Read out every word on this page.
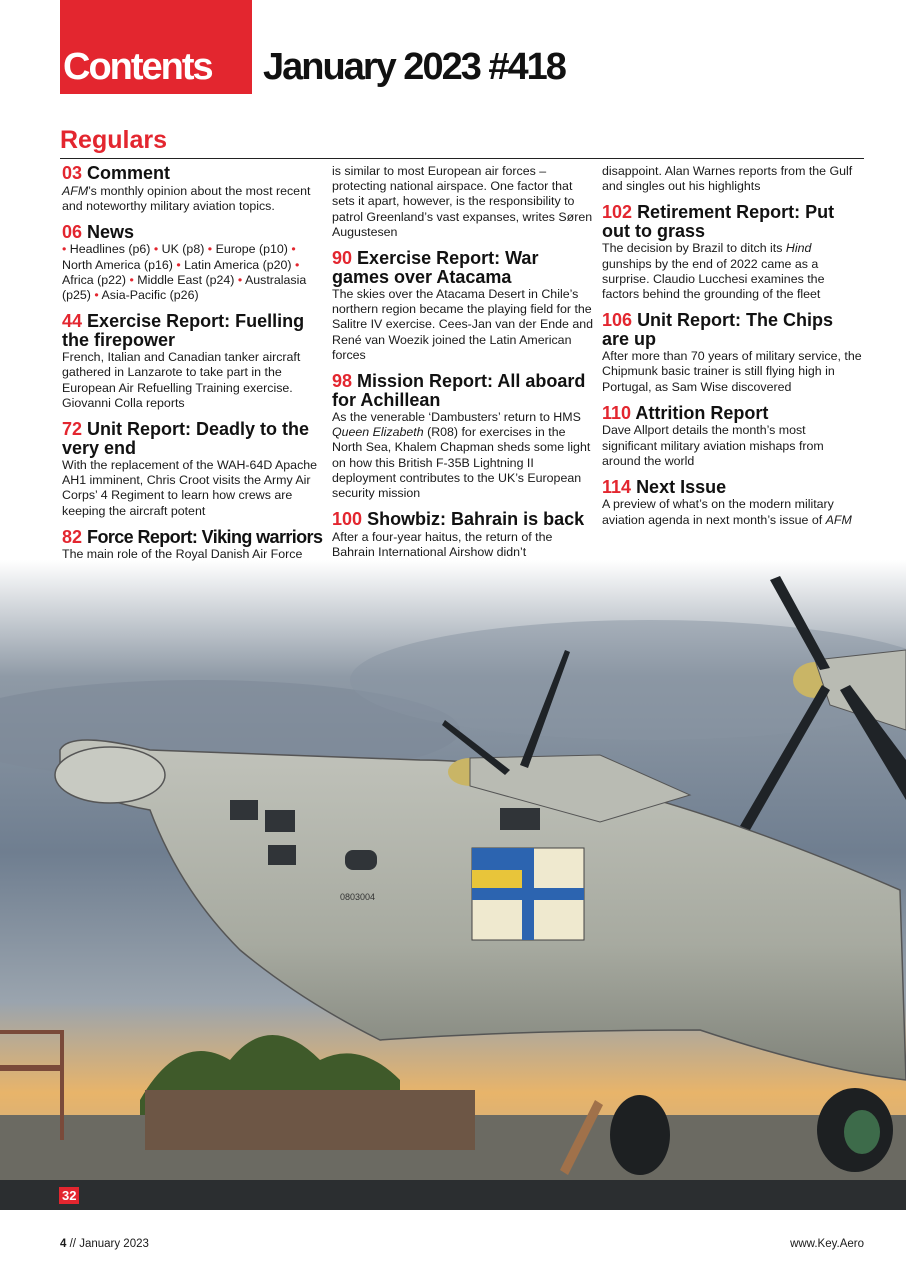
Contents January 2023 #418
0803004
Regulars
03 Comment

AFM’s monthly opinion about the most recent and noteworthy military aviation topics.

06 News

• Headlines (p6) • UK (p8) • Europe (p10) • North America (p16) • Latin America (p20) • Africa (p22) • Middle East (p24) • Australasia (p25) • Asia-Pacific (p26)

44 Exercise Report: Fuelling the firepower

French, Italian and Canadian tanker aircraft gathered in Lanzarote to take part in the European Air Refuelling Training exercise. Giovanni Colla reports

72 Unit Report: Deadly to the very end

With the replacement of the WAH-64D Apache AH1 imminent, Chris Croot visits the Army Air Corps’ 4 Regiment to learn how crews are keeping the aircraft potent

82 Force Report: Viking warriors

The main role of the Royal Danish Air Force

is similar to most European air forces – protecting national airspace. One factor that sets it apart, however, is the responsibility to patrol Greenland’s vast expanses, writes Søren Augustesen

90 Exercise Report: War games over Atacama

The skies over the Atacama Desert in Chile’s northern region became the playing field for the Salitre IV exercise. Cees-Jan van der Ende and René van Woezik joined the Latin American forces

98 Mission Report: All aboard for Achillean

As the venerable ‘Dambusters’ return to HMS Queen Elizabeth (R08) for exercises in the North Sea, Khalem Chapman sheds some light on how this British F-35B Lightning II deployment contributes to the UK’s European security mission

100 Showbiz: Bahrain is back

After a four-year haitus, the return of the Bahrain International Airshow didn’t

disappoint. Alan Warnes reports from the Gulf and singles out his highlights

102 Retirement Report: Put out to grass

The decision by Brazil to ditch its Hind gunships by the end of 2022 came as a surprise. Claudio Lucchesi examines the factors behind the grounding of the fleet

106 Unit Report: The Chips are up

After more than 70 years of military service, the Chipmunk basic trainer is still flying high in Portugal, as Sam Wise discovered

110 Attrition Report

Dave Allport details the month’s most significant military aviation mishaps from around the world

114 Next Issue

A preview of what’s on the modern military aviation agenda in next month’s issue of AFM

32
4 // January 2023	www.Key.Aero
